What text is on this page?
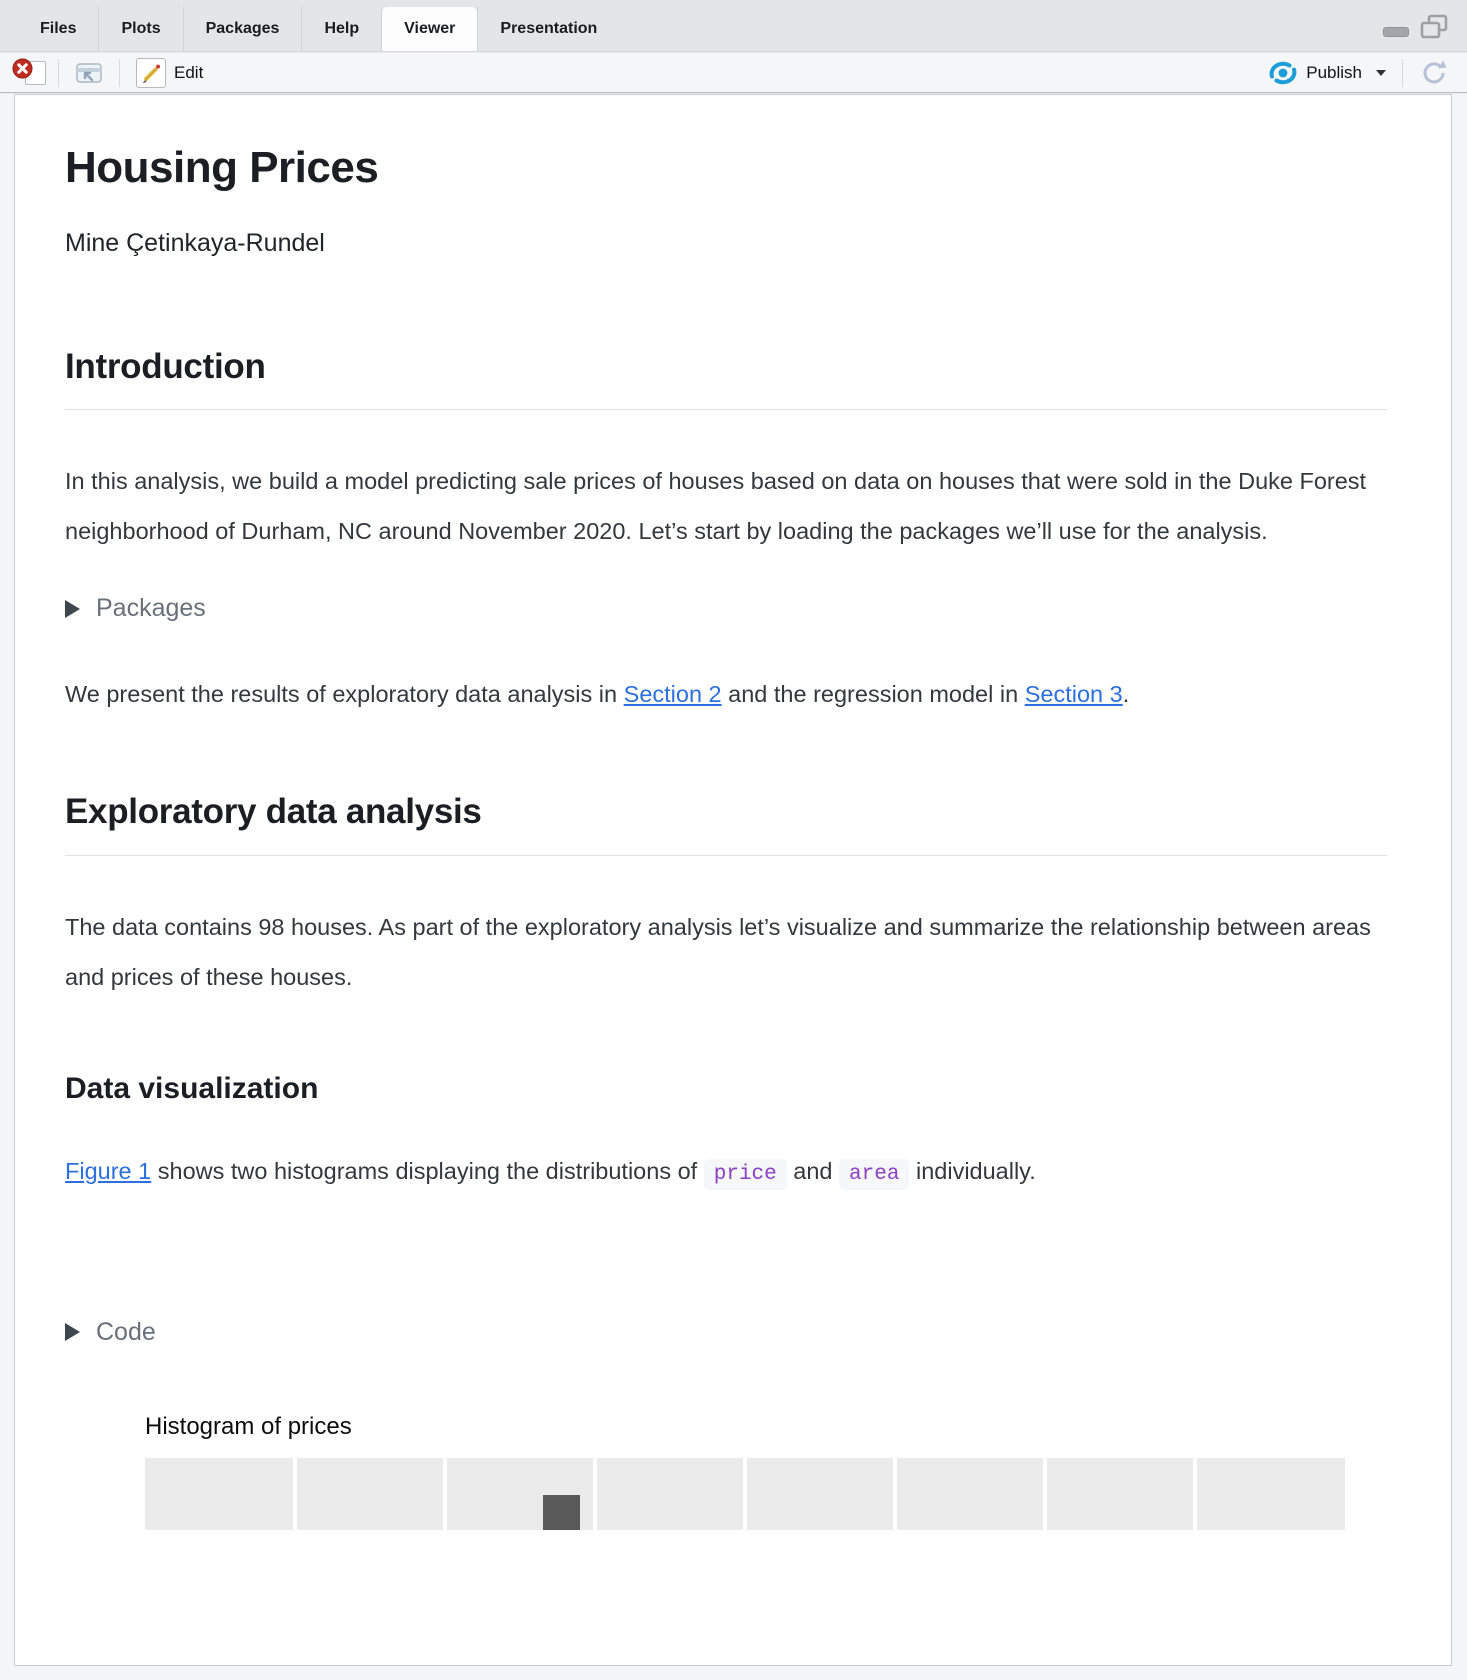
Files	Plots	Packages	Help	Viewer	Presentation
Edit	Publish
Housing Prices
Mine Çetinkaya-Rundel
Introduction

In this analysis, we build a model predicting sale prices of houses based on data on houses that were sold in the Duke Forest neighborhood of Durham, NC around November 2020. Let’s start by loading the packages we’ll use for the analysis.

Packages

We present the results of exploratory data analysis in Section 2 and the regression model in Section 3.

Exploratory data analysis

The data contains 98 houses. As part of the exploratory analysis let’s visualize and summarize the relationship between areas and prices of these houses.

Data visualization

Figure 1 shows two histograms displaying the distributions of price and area individually.

Code
Histogram of prices
